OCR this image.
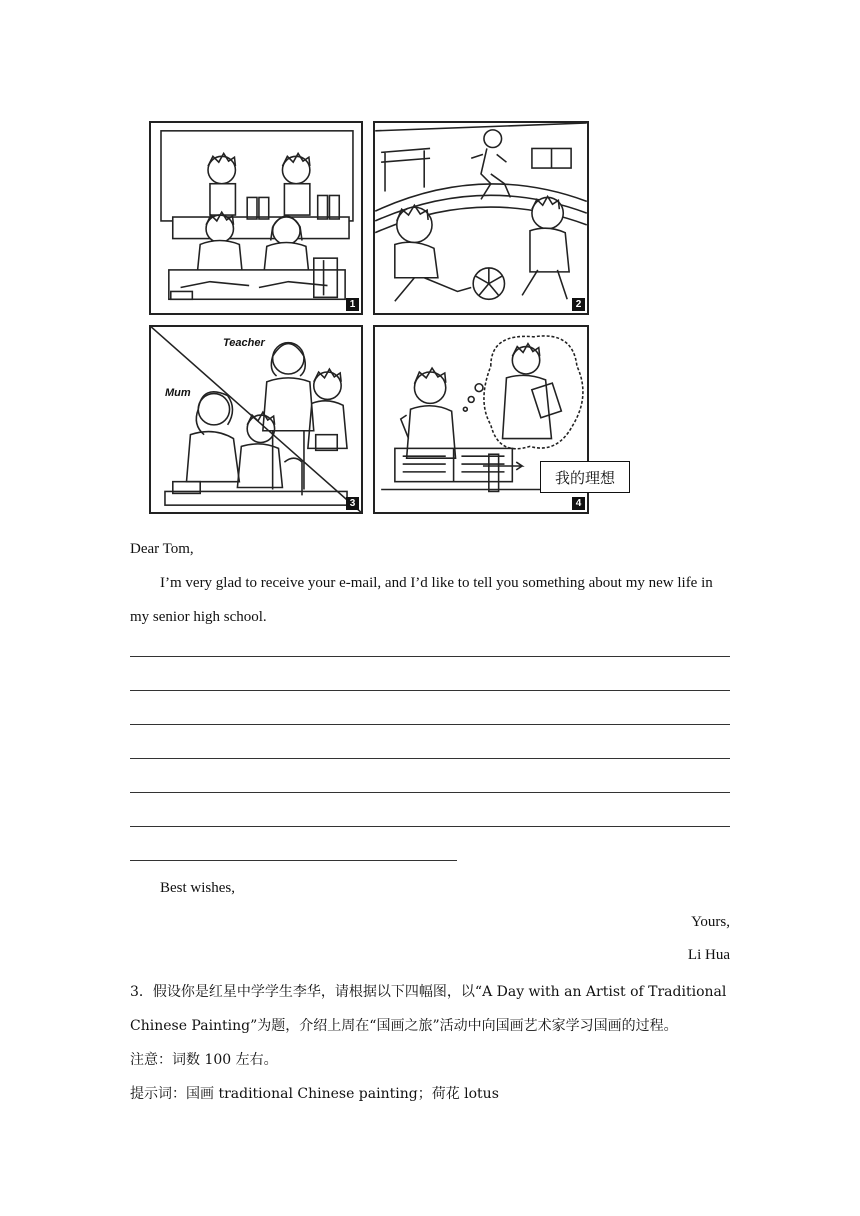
1	2
Teacher
Mum
3	4
我的理想
Dear Tom,
I’m very glad to receive your e-mail, and I’d like to tell you something about my new life in
my senior high school.
Best wishes,
Yours,
Li Hua
3．假设你是红星中学学生李华，请根据以下四幅图，以“A Day with an Artist of Traditional
Chinese Painting”为题，介绍上周在“国画之旅”活动中向国画艺术家学习国画的过程。
注意：词数 100 左右。
提示词：国画 traditional Chinese painting；荷花 lotus
